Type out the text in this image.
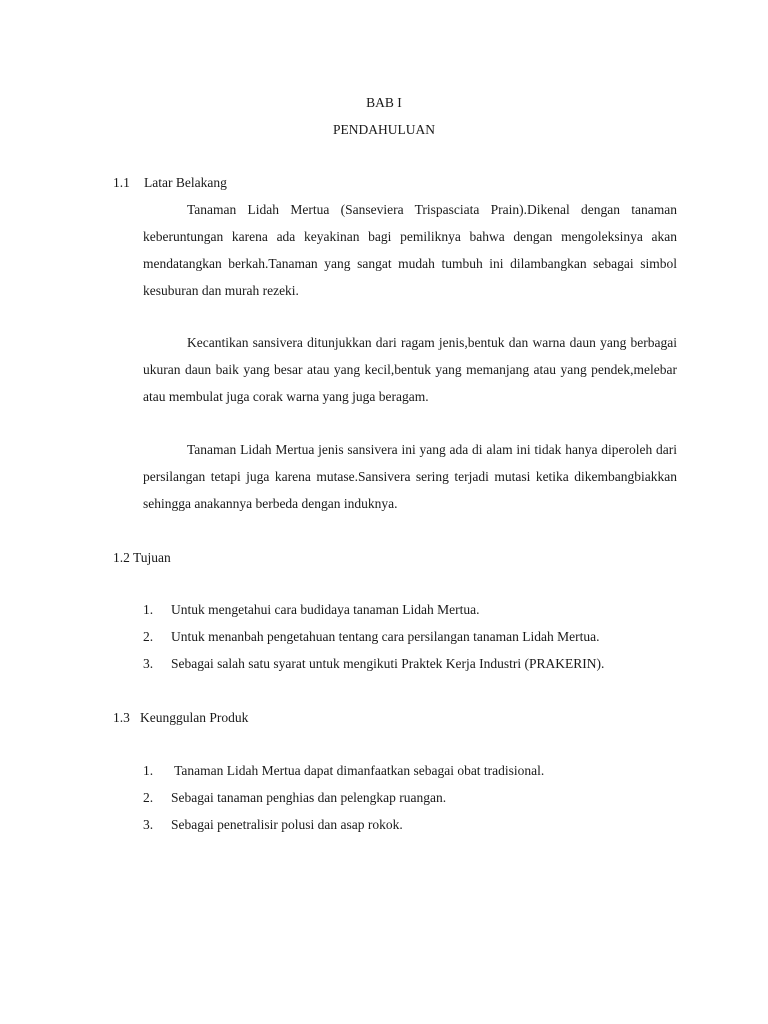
BAB I
PENDAHULUAN
1.1 Latar Belakang

Tanaman Lidah Mertua (Sanseviera Trispasciata Prain).Dikenal dengan tanaman keberuntungan karena ada keyakinan bagi pemiliknya bahwa dengan mengoleksinya akan mendatangkan berkah.Tanaman yang sangat mudah tumbuh ini dilambangkan sebagai simbol kesuburan dan murah rezeki.

Kecantikan sansivera ditunjukkan dari ragam jenis,bentuk dan warna daun yang berbagai ukuran daun baik yang besar atau yang kecil,bentuk yang memanjang atau yang pendek,melebar atau membulat juga corak warna yang juga beragam.

Tanaman Lidah Mertua jenis sansivera ini yang ada di alam ini tidak hanya diperoleh dari persilangan tetapi juga karena mutase.Sansivera sering terjadi mutasi ketika dikembangbiakkan sehingga anakannya berbeda dengan induknya.

1.2 Tujuan
1. Untuk mengetahui cara budidaya tanaman Lidah Mertua.
2. Untuk menanbah pengetahuan tentang cara persilangan tanaman Lidah Mertua.
3. Sebagai salah satu syarat untuk mengikuti Praktek Kerja Industri (PRAKERIN).
1.3 Keunggulan Produk
1. Tanaman Lidah Mertua dapat dimanfaatkan sebagai obat tradisional.
2. Sebagai tanaman penghias dan pelengkap ruangan.
3. Sebagai penetralisir polusi dan asap rokok.
